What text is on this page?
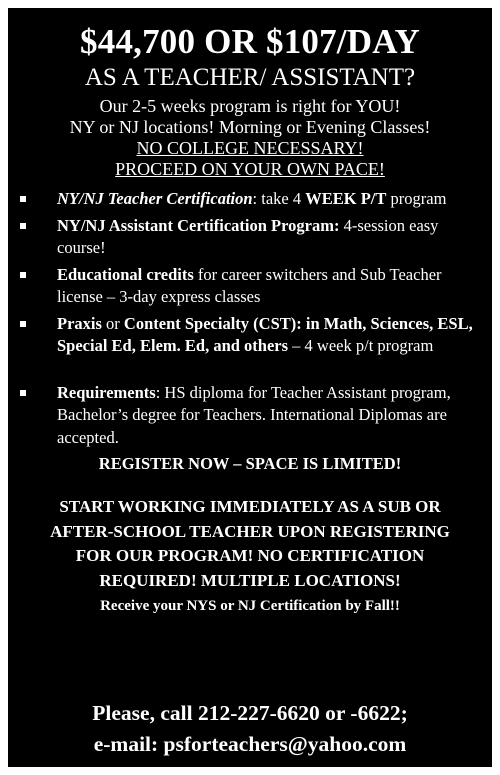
$44,700 OR $107/DAY
AS A TEACHER/ ASSISTANT?
Our 2-5 weeks program is right for YOU!
NY or NJ locations! Morning or Evening Classes!
NO COLLEGE NECESSARY!
PROCEED ON YOUR OWN PACE!
NY/NJ Teacher Certification: take 4 WEEK P/T program
NY/NJ Assistant Certification Program: 4-session easy course!
Educational credits for career switchers and Sub Teacher license – 3-day express classes
Praxis or Content Specialty (CST): in Math, Sciences, ESL, Special Ed, Elem. Ed, and others – 4 week p/t program
Requirements: HS diploma for Teacher Assistant program, Bachelor’s degree for Teachers. International Diplomas are accepted.
REGISTER NOW – SPACE IS LIMITED!
START WORKING IMMEDIATELY AS A SUB OR
AFTER-SCHOOL TEACHER UPON REGISTERING
FOR OUR PROGRAM! NO CERTIFICATION
REQUIRED! MULTIPLE LOCATIONS!
Receive your NYS or NJ Certification by Fall!!
Please, call 212-227-6620 or -6622;
e-mail: psforteachers@yahoo.com
